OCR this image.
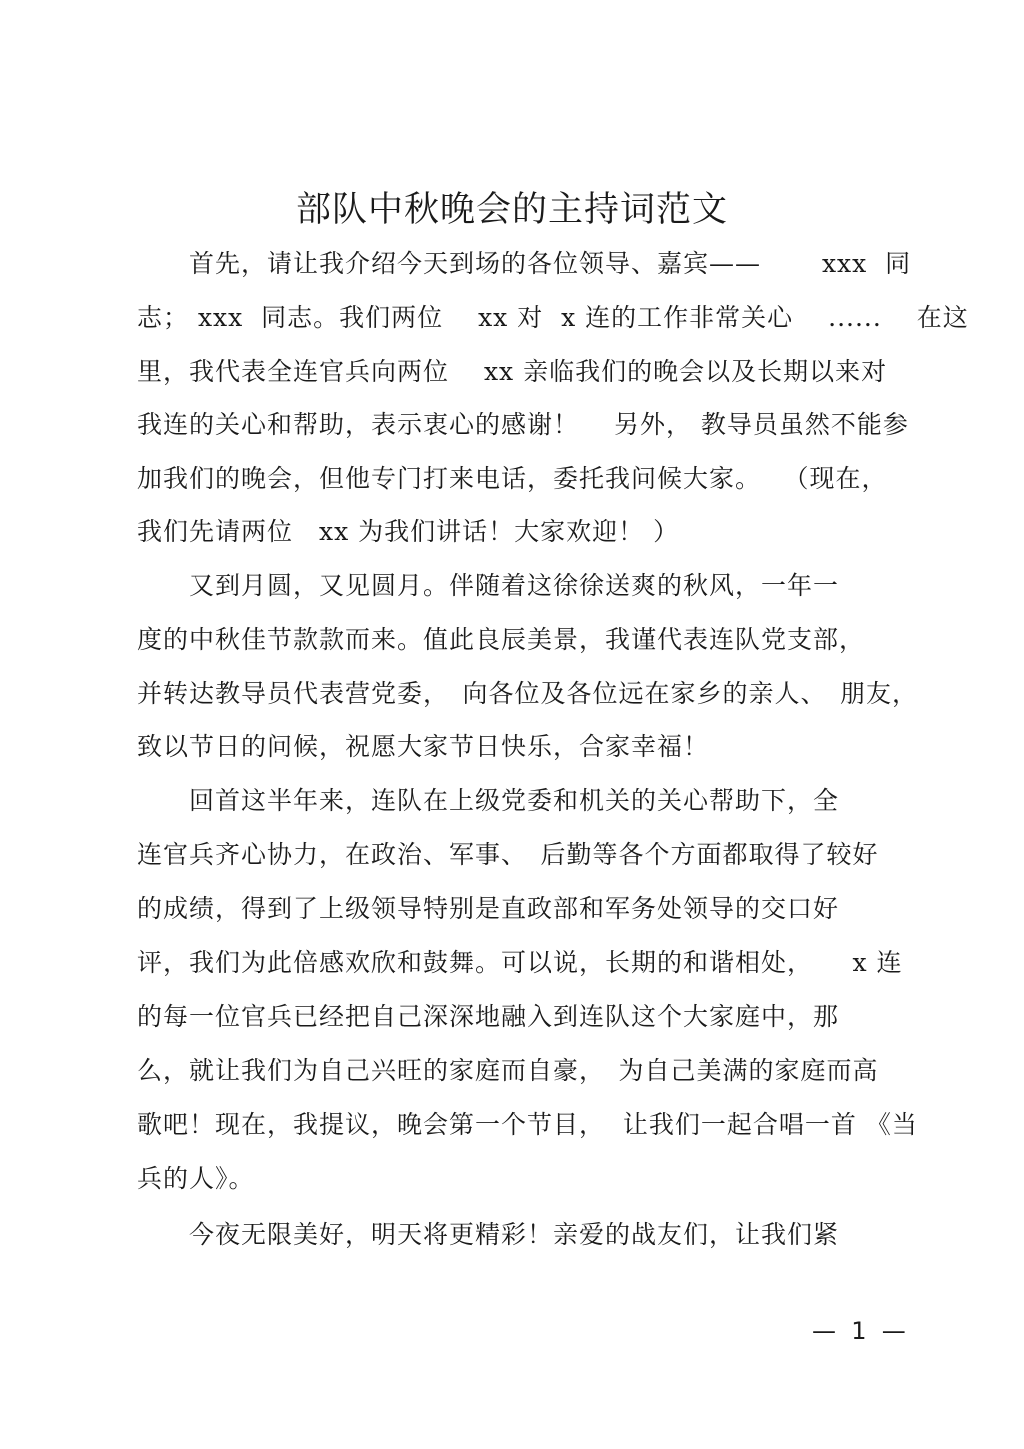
部队中秋晚会的主持词范文
　　首先，请让我介绍今天到场的各位领导、嘉宾——　　 xxx  同
志； xxx  同志。我们两位　 xx 对  x 连的工作非常关心　 ......　 在这
里，我代表全连官兵向两位　 xx 亲临我们的晚会以及长期以来对
我连的关心和帮助，表示衷心的感谢！　 另外， 教导员虽然不能参
加我们的晚会，但他专门打来电话，委托我问候大家。　 （现在，
我们先请两位　xx 为我们讲话！大家欢迎！ ）
　　又到月圆，又见圆月。伴随着这徐徐送爽的秋风，一年一
度的中秋佳节款款而来。值此良辰美景，我谨代表连队党支部，
并转达教导员代表营党委，　向各位及各位远在家乡的亲人、　朋友，
致以节日的问候，祝愿大家节日快乐，合家幸福！
　　回首这半年来，连队在上级党委和机关的关心帮助下，全
连官兵齐心协力，在政治、军事、　后勤等各个方面都取得了较好
的成绩，得到了上级领导特别是直政部和军务处领导的交口好
评，我们为此倍感欢欣和鼓舞。可以说，长期的和谐相处，　　x 连
的每一位官兵已经把自己深深地融入到连队这个大家庭中，那
么，就让我们为自己兴旺的家庭而自豪，　为自己美满的家庭而高
歌吧！现在，我提议，晚会第一个节目，  让我们一起合唱一首 《当
兵的人》。
　　今夜无限美好，明天将更精彩！亲爱的战友们，让我们紧
—  1  —
